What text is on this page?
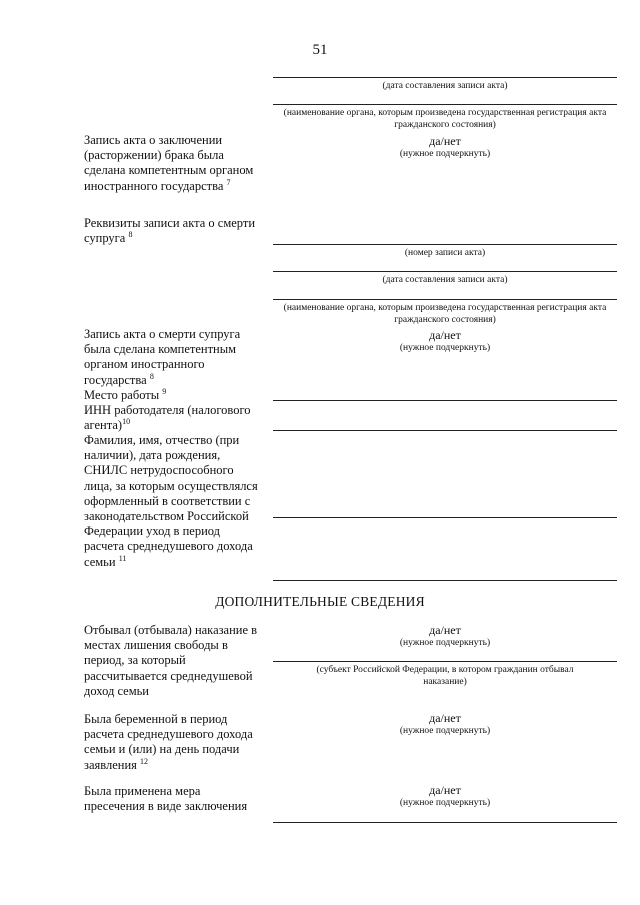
51
(дата составления записи акта)
(наименование органа, которым произведена государственная регистрация акта гражданского состояния)
Запись акта о заключении (расторжении) брака была сделана компетентным органом иностранного государства $^7$
да/нет
(нужное подчеркнуть)
Реквизиты записи акта о смерти супруга $^8$
(номер записи акта)
(дата составления записи акта)
(наименование органа, которым произведена государственная регистрация акта гражданского состояния)
Запись акта о смерти супруга была сделана компетентным органом иностранного государства $^8$
да/нет
(нужное подчеркнуть)
Место работы $^9$
ИНН работодателя (налогового агента)$^{10}$
Фамилия, имя, отчество (при наличии), дата рождения, СНИЛС нетрудоспособного лица, за которым осуществлялся оформленный в соответствии с законодательством Российской Федерации уход в период расчета среднедушевого дохода семьи $^{11}$
ДОПОЛНИТЕЛЬНЫЕ СВЕДЕНИЯ
Отбывал (отбывала) наказание в местах лишения свободы в период, за который рассчитывается среднедушевой доход семьи
да/нет
(нужное подчеркнуть)
(субъект Российской Федерации, в котором гражданин отбывал наказание)
Была беременной в период расчета среднедушевого дохода семьи и (или) на день подачи заявления $^{12}$
да/нет
(нужное подчеркнуть)
Была применена мера пресечения в виде заключения
да/нет
(нужное подчеркнуть)
